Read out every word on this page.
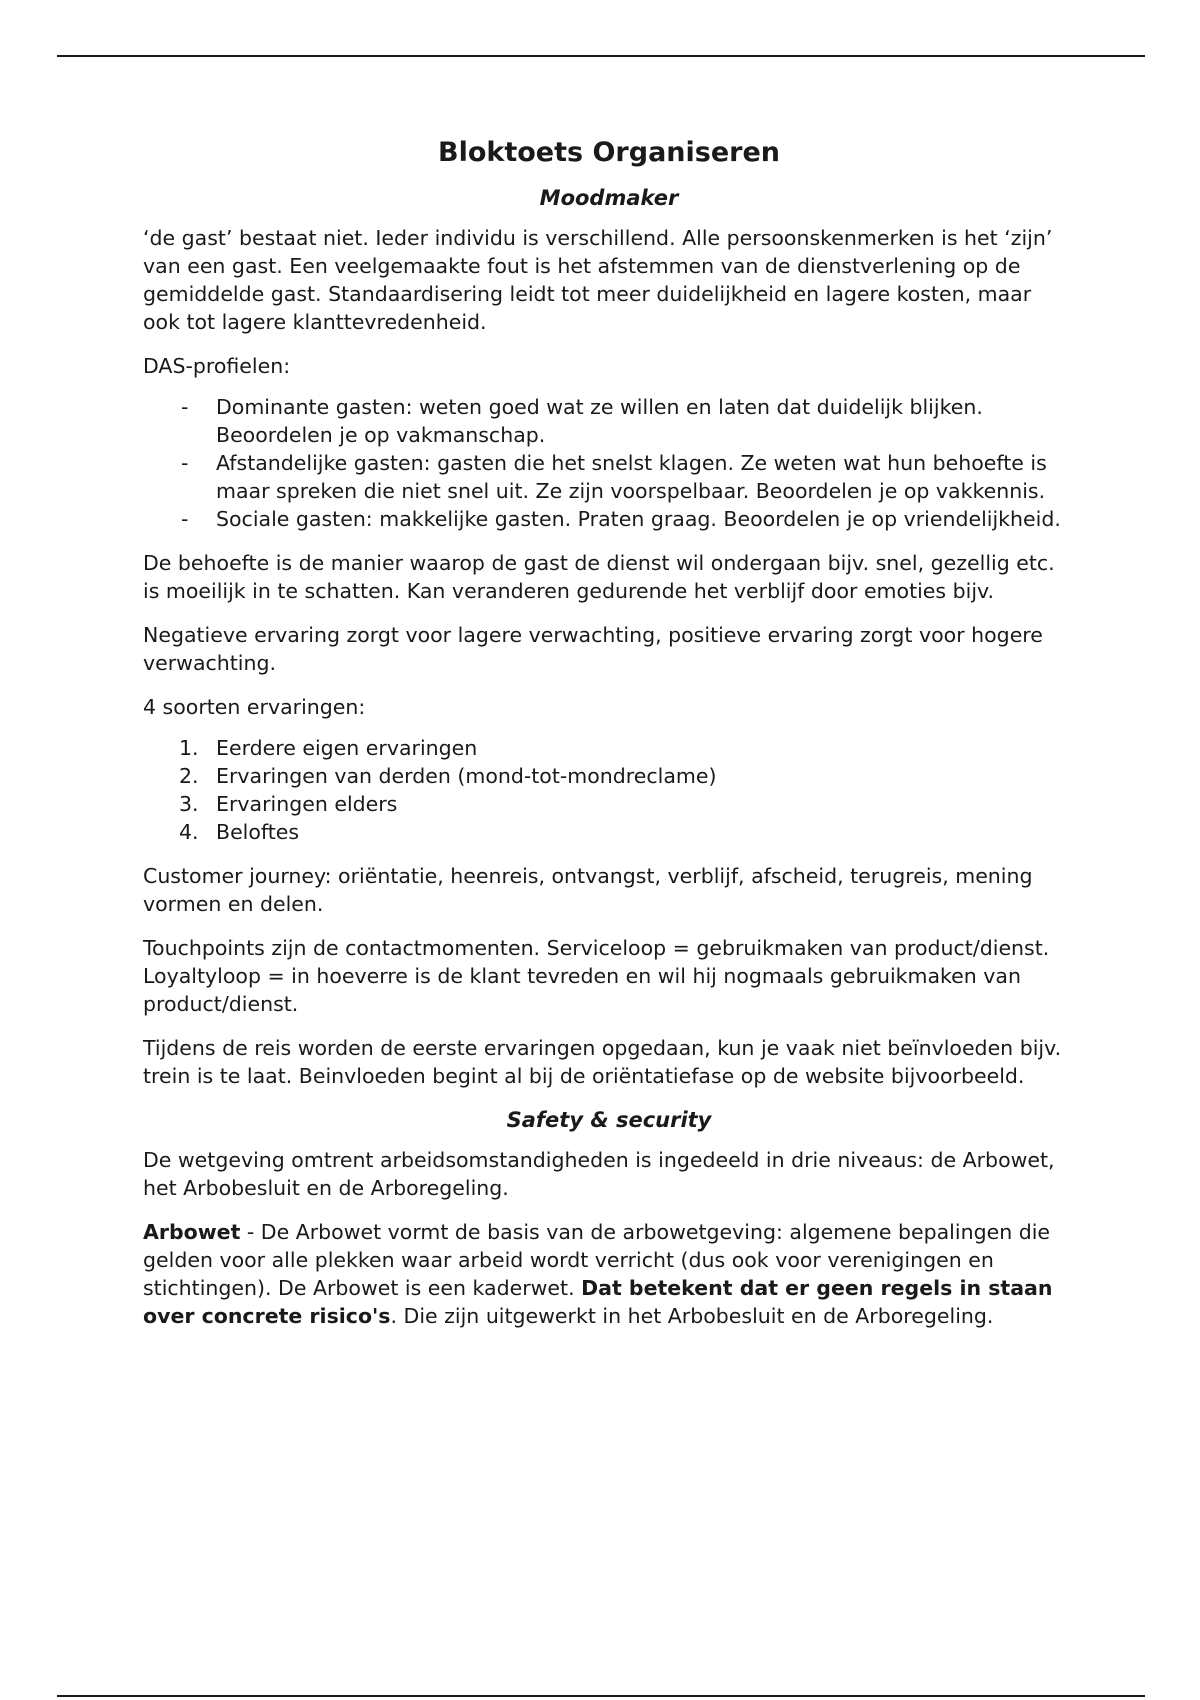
Bloktoets Organiseren
Moodmaker

‘de gast’ bestaat niet. Ieder individu is verschillend. Alle persoonskenmerken is het ‘zijn’ van een gast. Een veelgemaakte fout is het afstemmen van de dienstverlening op de gemiddelde gast. Standaardisering leidt tot meer duidelijkheid en lagere kosten, maar ook tot lagere klanttevredenheid.

DAS-profielen:

- Dominante gasten: weten goed wat ze willen en laten dat duidelijk blijken. Beoordelen je op vakmanschap.
- Afstandelijke gasten: gasten die het snelst klagen. Ze weten wat hun behoefte is maar spreken die niet snel uit. Ze zijn voorspelbaar. Beoordelen je op vakkennis.
- Sociale gasten: makkelijke gasten. Praten graag. Beoordelen je op vriendelijkheid.

De behoefte is de manier waarop de gast de dienst wil ondergaan bijv. snel, gezellig etc. is moeilijk in te schatten. Kan veranderen gedurende het verblijf door emoties bijv.

Negatieve ervaring zorgt voor lagere verwachting, positieve ervaring zorgt voor hogere verwachting.

4 soorten ervaringen:

1. Eerdere eigen ervaringen
2. Ervaringen van derden (mond-tot-mondreclame)
3. Ervaringen elders
4. Beloftes

Customer journey: oriëntatie, heenreis, ontvangst, verblijf, afscheid, terugreis, mening vormen en delen.

Touchpoints zijn de contactmomenten. Serviceloop = gebruikmaken van product/dienst. Loyaltyloop = in hoeverre is de klant tevreden en wil hij nogmaals gebruikmaken van product/dienst.

Tijdens de reis worden de eerste ervaringen opgedaan, kun je vaak niet beïnvloeden bijv. trein is te laat. Beinvloeden begint al bij de oriëntatiefase op de website bijvoorbeeld.

Safety & security

De wetgeving omtrent arbeidsomstandigheden is ingedeeld in drie niveaus: de Arbowet, het Arbobesluit en de Arboregeling.

Arbowet - De Arbowet vormt de basis van de arbowetgeving: algemene bepalingen die gelden voor alle plekken waar arbeid wordt verricht (dus ook voor verenigingen en stichtingen). De Arbowet is een kaderwet. Dat betekent dat er geen regels in staan over concrete risico's. Die zijn uitgewerkt in het Arbobesluit en de Arboregeling.
